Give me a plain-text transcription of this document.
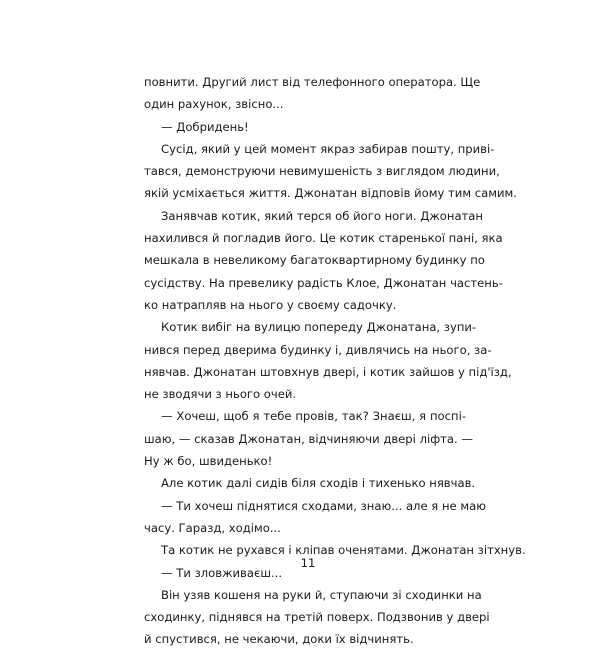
повнити. Другий лист від телефонного оператора. Ще
один рахунок, звісно...
— Добридень!
Сусід, який у цей момент якраз забирав пошту, приві-
тався, демонструючи невимушеність з виглядом людини,
якій усміхається життя. Джонатан відповів йому тим самим.
Занявчав котик, який терся об його ноги. Джонатан
нахилився й погладив його. Це котик старенької пані, яка
мешкала в невеликому багатоквартирному будинку по
сусідству. На превелику радість Клое, Джонатан частень-
ко натрапляв на нього у своєму садочку.
Котик вибіг на вулицю попереду Джонатана, зупи-
нився перед дверима будинку і, дивлячись на нього, за-
нявчав. Джонатан штовхнув двері, і котик зайшов у під'їзд,
не зводячи з нього очей.
— Хочеш, щоб я тебе провів, так? Знаєш, я поспі-
шаю, — сказав Джонатан, відчиняючи двері ліфта. —
Ну ж бо, швиденько!
Але котик далі сидів біля сходів і тихенько нявчав.
— Ти хочеш піднятися сходами, знаю... але я не маю
часу. Гаразд, ходімо...
Та котик не рухався і кліпав оченятами. Джонатан зітхнув.
— Ти зловживаєш...
Він узяв кошеня на руки й, ступаючи зі сходинки на
сходинку, піднявся на третій поверх. Подзвонив у двері
й спустився, не чекаючи, доки їх відчинять.
11
